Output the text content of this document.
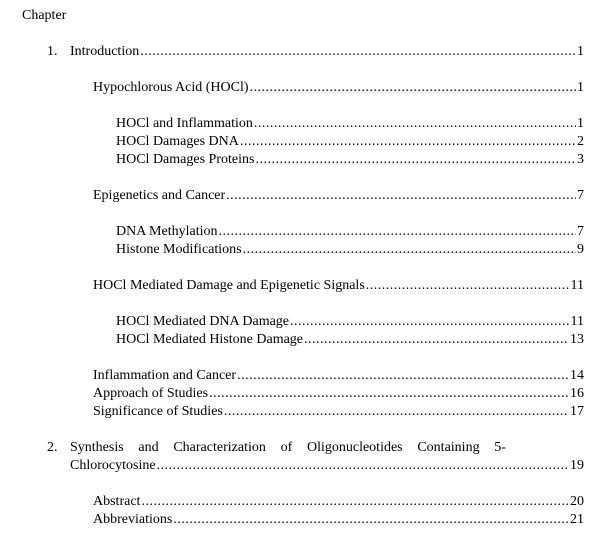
Chapter
1. Introduction .....	1
Hypochlorous Acid (HOCl) .....	1
HOCl and Inflammation .....	1
HOCl Damages DNA .....	2
HOCl Damages Proteins .....	3
Epigenetics and Cancer .....	7
DNA Methylation .....	7
Histone Modifications .....	9
HOCl Mediated Damage and Epigenetic Signals .....	11
HOCl Mediated DNA Damage .....	11
HOCl Mediated Histone Damage .....	13
Inflammation and Cancer .....	14
Approach of Studies .....	16
Significance of Studies .....	17
2. Synthesis and Characterization of Oligonucleotides Containing 5-
Chlorocytosine .....	19
Abstract .....	20
Abbreviations .....	21
